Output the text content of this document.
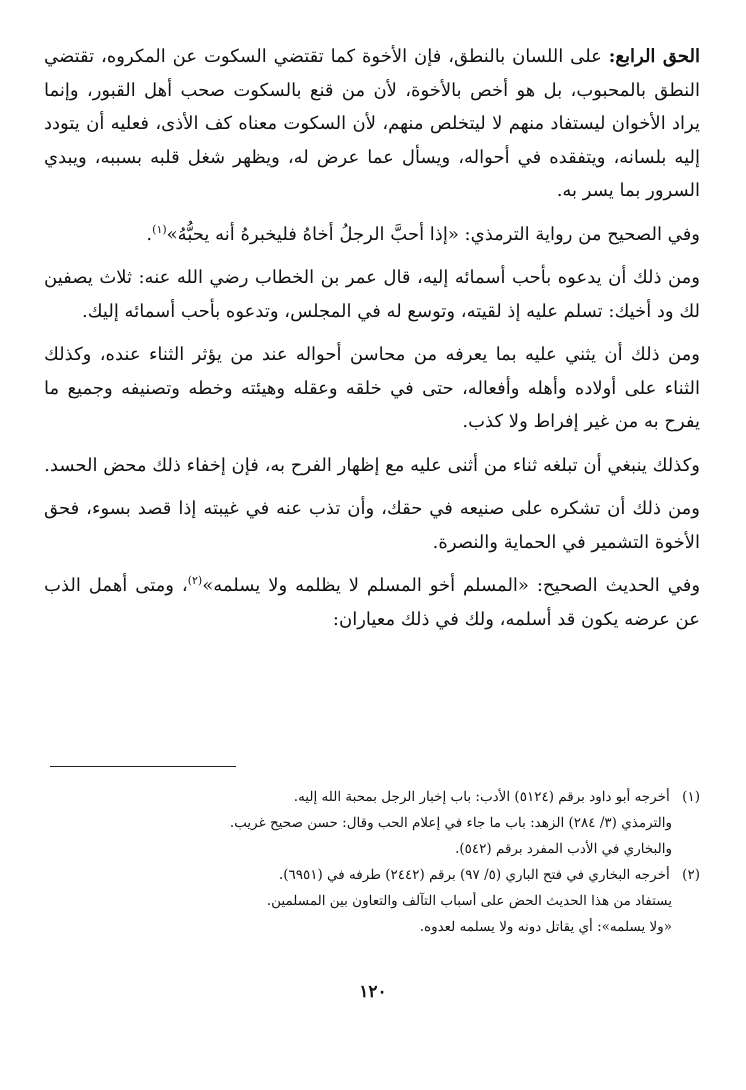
الحق الرابع: على اللسان بالنطق، فإن الأخوة كما تقتضي السكوت عن المكروه، تقتضي النطق بالمحبوب، بل هو أخص بالأخوة، لأن من قنع بالسكوت صحب أهل القبور، وإنما يراد الأخوان ليستفاد منهم لا ليتخلص منهم، لأن السكوت معناه كف الأذى، فعليه أن يتودد إليه بلسانه، ويتفقده في أحواله، ويسأل عما عرض له، ويظهر شغل قلبه بسببه، ويبدي السرور بما يسر به.

وفي الصحيح من رواية الترمذي: «إذا أحبَّ الرجلُ أخاهُ فليخبرهُ أنه يحبُّهُ»$^{(١)}$.

ومن ذلك أن يدعوه بأحب أسمائه إليه، قال عمر بن الخطاب رضي الله عنه: ثلاث يصفين لك ود أخيك: تسلم عليه إذ لقيته، وتوسع له في المجلس، وتدعوه بأحب أسمائه إليك.

ومن ذلك أن يثني عليه بما يعرفه من محاسن أحواله عند من يؤثر الثناء عنده، وكذلك الثناء على أولاده وأهله وأفعاله، حتى في خلقه وعقله وهيئته وخطه وتصنيفه وجميع ما يفرح به من غير إفراط ولا كذب.

وكذلك ينبغي أن تبلغه ثناء من أثنى عليه مع إظهار الفرح به، فإن إخفاء ذلك محض الحسد.

ومن ذلك أن تشكره على صنيعه في حقك، وأن تذب عنه في غيبته إذا قصد بسوء، فحق الأخوة التشمير في الحماية والنصرة.

وفي الحديث الصحيح: «المسلم أخو المسلم لا يظلمه ولا يسلمه»$^{(٢)}$، ومتى أهمل الذب عن عرضه يكون قد أسلمه، ولك في ذلك معياران:

(١) أخرجه أبو داود برقم (٥١٢٤) الأدب: باب إخبار الرجل بمحبة الله إليه.

والترمذي (٣/ ٢٨٤) الزهد: باب ما جاء في إعلام الحب وقال: حسن صحيح غريب.

والبخاري في الأدب المفرد برقم (٥٤٢).

(٢) أخرجه البخاري في فتح الباري (٥/ ٩٧) برقم (٢٤٤٢) طرفه في (٦٩٥١).

يستفاد من هذا الحديث الحض على أسباب التآلف والتعاون بين المسلمين.

«ولا يسلمه»: أي يقاتل دونه ولا يسلمه لعدوه.

١٢٠
